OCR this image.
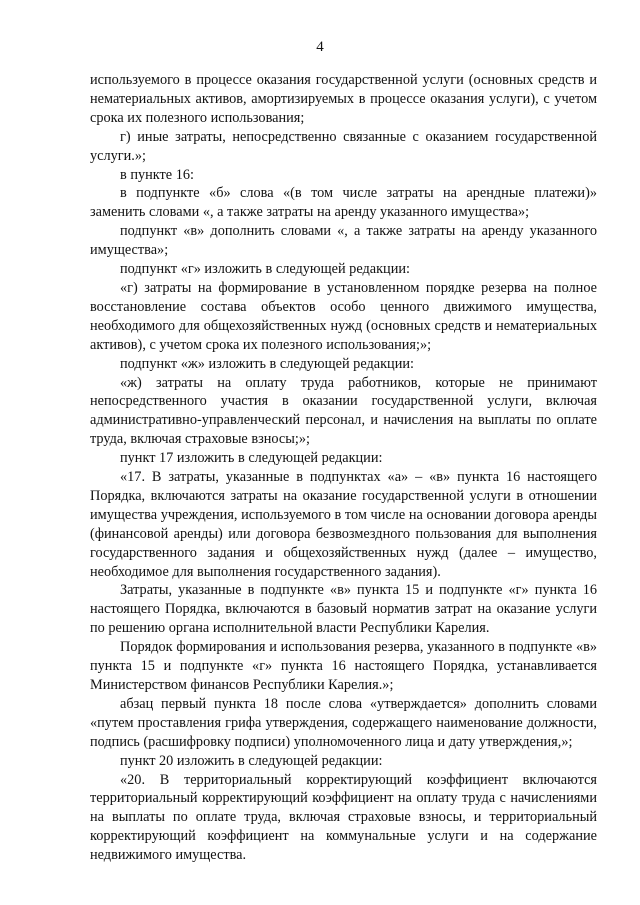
4

используемого в процессе оказания государственной услуги (основных средств и нематериальных активов, амортизируемых в процессе оказания услуги), с учетом срока их полезного использования;

г) иные затраты, непосредственно связанные с оказанием государственной услуги.»;

в пункте 16:

в подпункте «б» слова «(в том числе затраты на арендные платежи)» заменить словами «, а также затраты на аренду указанного имущества»;

подпункт «в» дополнить словами «, а также затраты на аренду указанного имущества»;

подпункт «г» изложить в следующей редакции:

«г) затраты на формирование в установленном порядке резерва на полное восстановление состава объектов особо ценного движимого имущества, необходимого для общехозяйственных нужд (основных средств и нематериальных активов), с учетом срока их полезного использования;»;

подпункт «ж» изложить в следующей редакции:

«ж) затраты на оплату труда работников, которые не принимают непосредственного участия в оказании государственной услуги, включая административно-управленческий персонал, и начисления на выплаты по оплате труда, включая страховые взносы;»;

пункт 17 изложить в следующей редакции:

«17. В затраты, указанные в подпунктах «а» – «в» пункта 16 настоящего Порядка, включаются затраты на оказание государственной услуги в отношении имущества учреждения, используемого в том числе на основании договора аренды (финансовой аренды) или договора безвозмездного пользования для выполнения государственного задания и общехозяйственных нужд (далее – имущество, необходимое для выполнения государственного задания).

Затраты, указанные в подпункте «в» пункта 15 и подпункте «г» пункта 16 настоящего Порядка, включаются в базовый норматив затрат на оказание услуги по решению органа исполнительной власти Республики Карелия.

Порядок формирования и использования резерва, указанного в подпункте «в» пункта 15 и подпункте «г» пункта 16 настоящего Порядка, устанавливается Министерством финансов Республики Карелия.»;

абзац первый пункта 18 после слова «утверждается» дополнить словами «путем проставления грифа утверждения, содержащего наименование должности, подпись (расшифровку подписи) уполномоченного лица и дату утверждения,»;

пункт 20 изложить в следующей редакции:

«20. В территориальный корректирующий коэффициент включаются территориальный корректирующий коэффициент на оплату труда с начислениями на выплаты по оплате труда, включая страховые взносы, и территориальный корректирующий коэффициент на коммунальные услуги и на содержание недвижимого имущества.
